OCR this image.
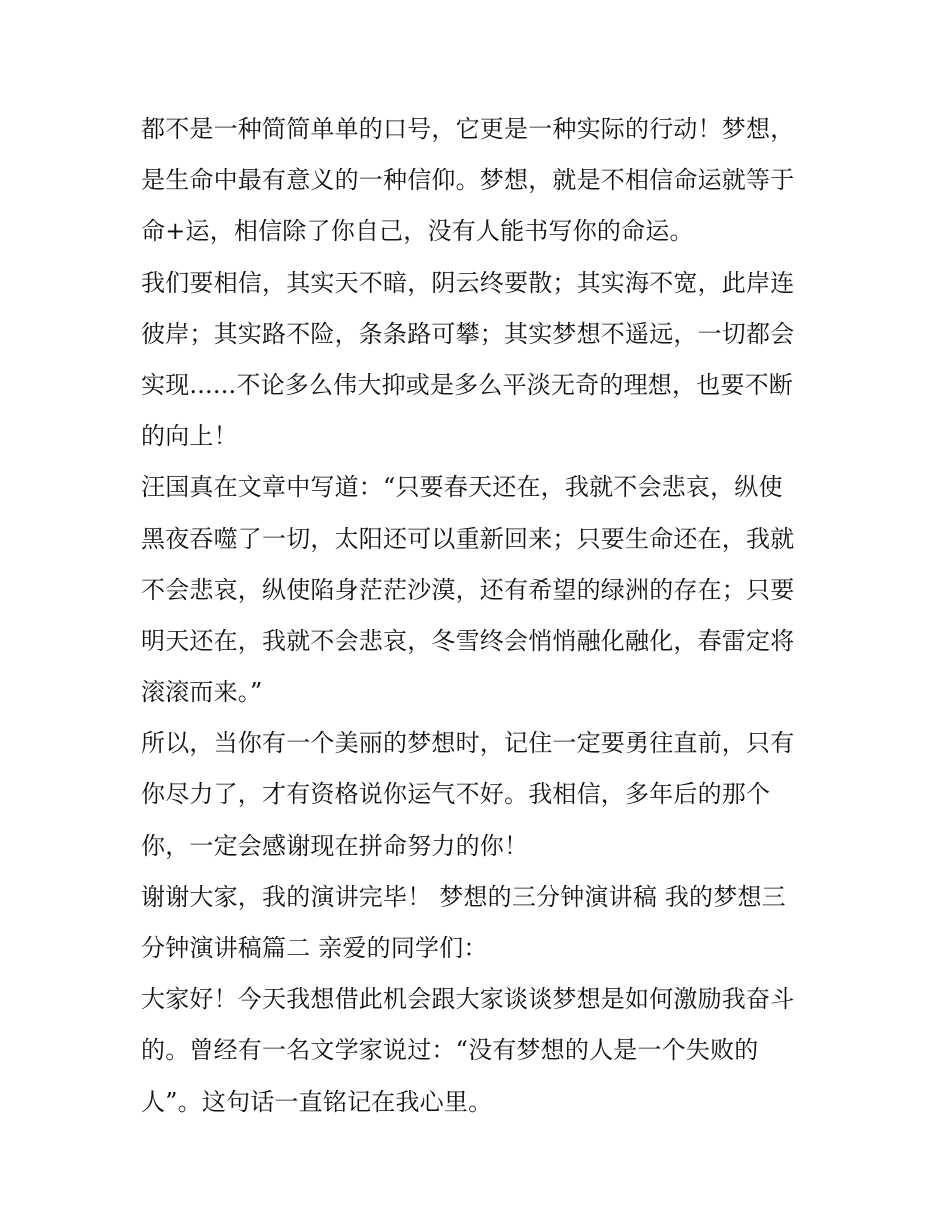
都不是一种简简单单的口号，它更是一种实际的行动！梦想，
是生命中最有意义的一种信仰。梦想，就是不相信命运就等于
命+运，相信除了你自己，没有人能书写你的命运。
我们要相信，其实天不暗，阴云终要散；其实海不宽，此岸连
彼岸；其实路不险，条条路可攀；其实梦想不遥远，一切都会
实现......不论多么伟大抑或是多么平淡无奇的理想，也要不断
的向上！
汪国真在文章中写道：“只要春天还在，我就不会悲哀，纵使
黑夜吞噬了一切，太阳还可以重新回来；只要生命还在，我就
不会悲哀，纵使陷身茫茫沙漠，还有希望的绿洲的存在；只要
明天还在，我就不会悲哀，冬雪终会悄悄融化融化，春雷定将
滚滚而来。”
所以，当你有一个美丽的梦想时，记住一定要勇往直前，只有
你尽力了，才有资格说你运气不好。我相信，多年后的那个
你，一定会感谢现在拼命努力的你！
谢谢大家，我的演讲完毕！ 梦想的三分钟演讲稿 我的梦想三
分钟演讲稿篇二 亲爱的同学们：
大家好！今天我想借此机会跟大家谈谈梦想是如何激励我奋斗
的。曾经有一名文学家说过：“没有梦想的人是一个失败的
人”。这句话一直铭记在我心里。
